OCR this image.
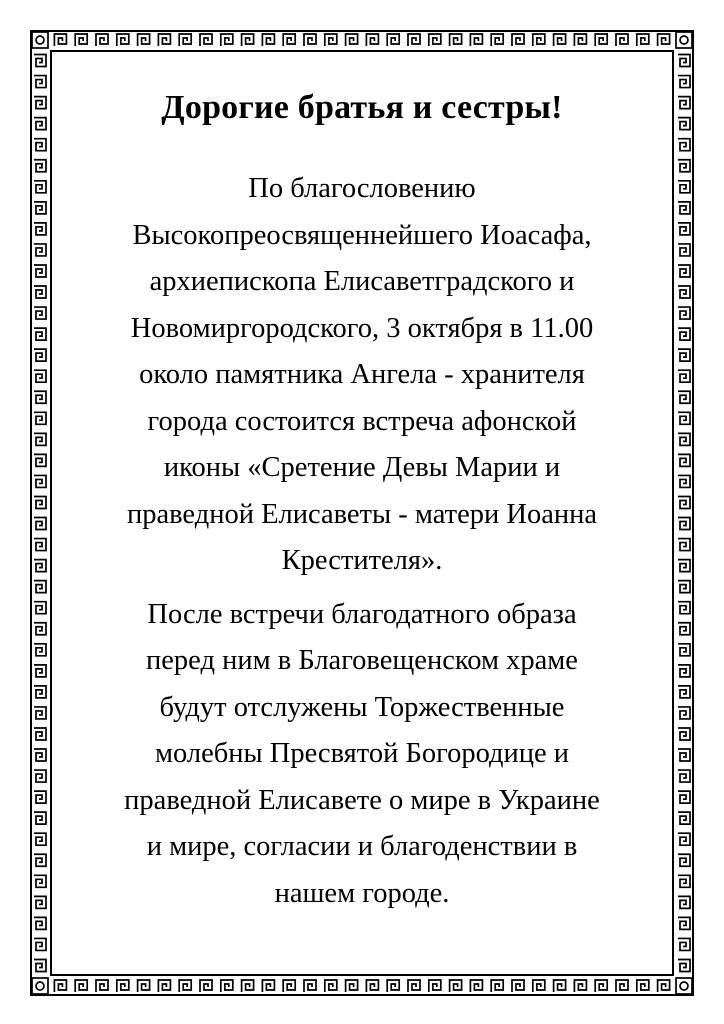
Дорогие братья и сестры!

По благословению
Высокопреосвященнейшего Иоасафа,
архиепископа Елисаветградского и
Новомиргородского, 3 октября в 11.00
около памятника Ангела - хранителя
города состоится встреча афонской
иконы «Сретение Девы Марии и
праведной Елисаветы - матери Иоанна
Крестителя».

После встречи благодатного образа
перед ним в Благовещенском храме
будут отслужены Торжественные
молебны Пресвятой Богородице и
праведной Елисавете о мире в Украине
и мире, согласии и благоденствии в
нашем городе.
